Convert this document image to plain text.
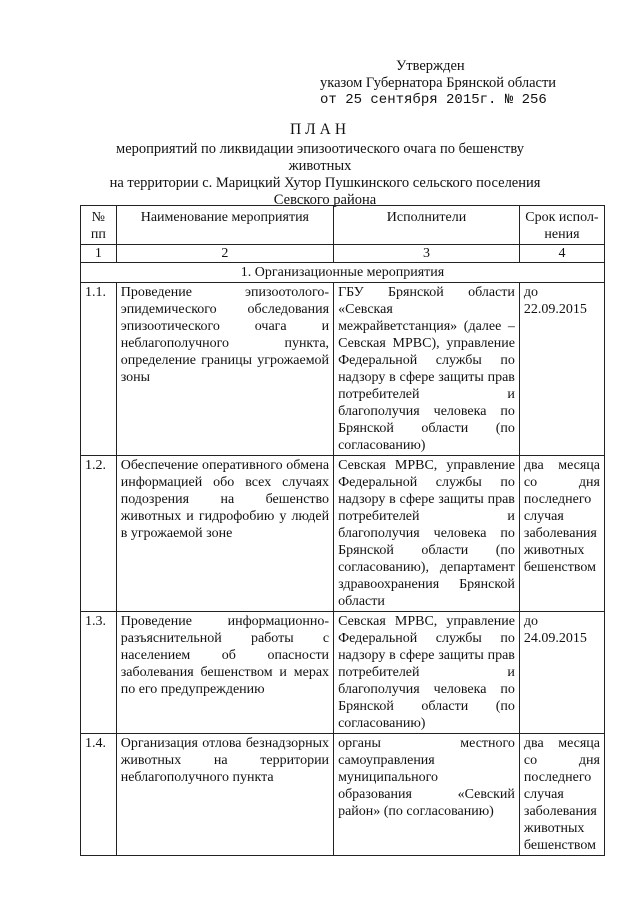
Утвержден
указом Губернатора Брянской области
от 25 сентября 2015г. № 256
ПЛАН
мероприятий по ликвидации эпизоотического очага по бешенству животных
на территории с. Марицкий Хутор Пушкинского сельского поселения
Севского района
№ пп	Наименование мероприятия	Исполнители	Срок испол-нения
1	2	3	4
1. Организационные мероприятия			
1.1.	Проведение эпизоотолого-эпидемического обследования эпизоотического очага и неблагополучного пункта, определение границы угрожаемой зоны	ГБУ Брянской области «Севская межрайветстанция» (далее – Севская МРВС), управление Федеральной службы по надзору в сфере защиты прав потребителей и благополучия человека по Брянской области (по согласованию)	до 22.09.2015
1.2.	Обеспечение оперативного обмена информацией обо всех случаях подозрения на бешенство животных и гидрофобию у людей в угрожаемой зоне	Севская МРВС, управление Федеральной службы по надзору в сфере защиты прав потребителей и благополучия человека по Брянской области (по согласованию), департамент здравоохранения Брянской области	два месяца со дня последнего случая заболевания животных бешенством
1.3.	Проведение информационно-разъяснительной работы с населением об опасности заболевания бешенством и мерах по его предупреждению	Севская МРВС, управление Федеральной службы по надзору в сфере защиты прав потребителей и благополучия человека по Брянской области (по согласованию)	до 24.09.2015
1.4.	Организация отлова безнадзорных животных на территории неблагополучного пункта	органы местного самоуправления муниципального образования «Севский район» (по согласованию)	два месяца со дня последнего случая заболевания животных бешенством
